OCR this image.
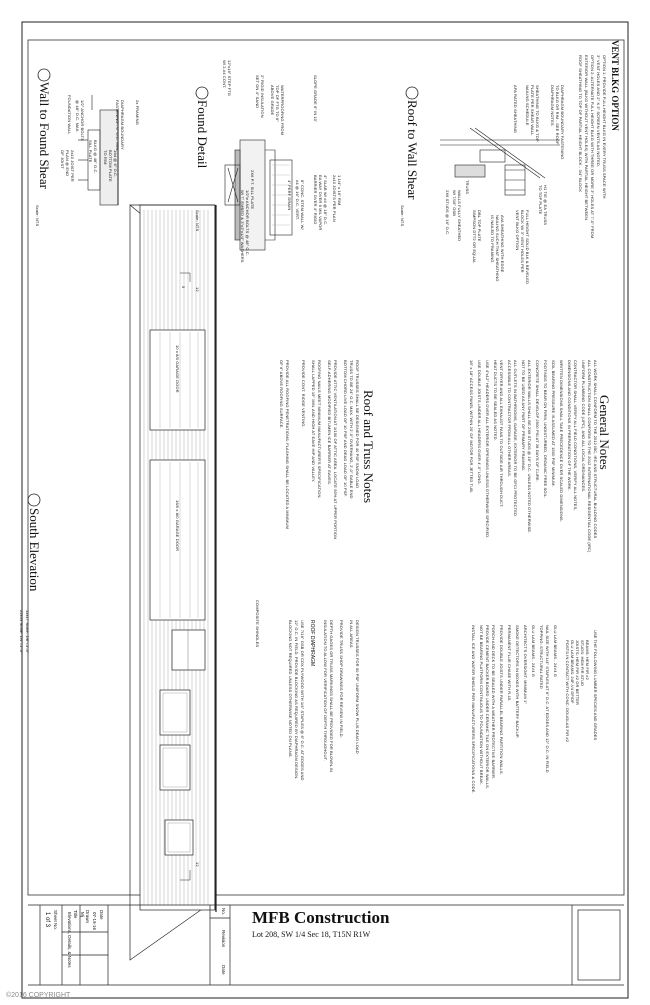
VENT BLKG OPTION
OPTION 1: PROVIDE FULL HEIGHT BLKG IN EVERY TRUSS SPACE WITH
3" VENT HOLES AND 2" X 3" SCREEN VENTS AS NOTED.
OPTION 2: ALTERNATE FULL HEIGHT BLKG WITH THREE OR MORE 3" HOLES AT 7'-0" FROM
EXTERIOR WALL (BLKG WITHOUT VENT HOLES) WITH PARTIAL HEIGHT BETWEEN
ROOF SHEATHING TO TOP OF PARTIAL HEIGHT BLOCK - 3/4" BLOCK
DIAPHRAGM BOUNDARY FASTENING
TO BLKG OR RIM - SEE ROOF
DIAPHRAGM NOTES
SHEATHING TO BLKG & TOP
PLATE PER SHEAR WALL
NAILING SCHEDULE
APA RATED SHEATHING
TRUSS	H1 TIE @ EA TRUSS
TO TOP PLATE
FULL HEIGHT SOLID BLK & BEVELED
BLOCK W/ 3" VENT HOLES PER
VENT BLKG OPTION
AVA SHEATHING WITH EDGE
NAILING SUCH THAT SHEATHING
IS NAILED TO FRAMING
DBL TOP PLATE
SIMPSON DTT2 OR EQUAL
WALLS FULLY SHEATHED
W/ 7/16" OSB
2X6 STUDS @ 16" O.C.
Roof to Wall Shear
Scale: NTS
SLOPE GRADE 6" IN 10'
12"x16" STEP FTG
W/ 2-#4 CONT.
2" RIGID INSULATION
SET ON 4" SAND	WATERPROOFING FROM
TOP OF FTG TO 6"
ABOVE GRADE
2X6 P.T. SILL PLATE
1/2"ø ANCHOR BOLTS @ 48" O.C.
W/ 7" EMBED & 3"x3"x1/4" WASHERS	4" SLAB W/ #4 @ 18" O.C.
EA WAY OVER 6 MIL VAPOR
BARRIER OVER 4" RIGID
8" CONC. STEM WALL W/
#4 @ 16" O.C. VERT.
4" PERF DRAIN	1 1/4" x 16" RIM
2x10 JOISTS PER PLAN
Found Detail
Scale: NTS
2x FRAMING
DIAPHRAGM BOUNDARY
FASTENING - 6" O.C. MIN.
16d @ 6" O.C.
BOTTOM PLATE
TO RIM
1/2" ANCHOR BOLTS
@ 48" O.C. MAX.
BLKG @ 48" O.C.
SILL PLATE
FOUNDATION WALL
2x10 JOIST PER
PLAN @ END
OF JOIST
Wall to Found Shear
Scale: NTS
General Notes
ALL WORK SHALL CONFORM TO THE 2012 IBC, IRC AND STRUCTURAL BUILDING CODES
ALL CONSTRUCTION SHALL CONFORM TO THE 2012 INTERNATIONAL RESIDENTIAL CODE (IRC)
UNIFORM PLUMBING CODE (UPC), AND ALL LOCAL ORDINANCES.
CONTRACTOR SHALL VERIFY ALL FIELD CONDITIONS, VERIFY ALL NOTES,
DIMENSIONS AND CONDITIONS IN PREPARATION OF THE WORK.
WRITTEN DIMENSIONS SHALL TAKE PRECEDENCE OVER SCALED DIMENSIONS.
SOIL BEARING PRESSURE IS ASSUMED AT 1500 PSF MINIMUM.
FOOTINGS TO BEAR ON FIRM, UNDISTURBED, ORGANIC FREE SOIL.
CONCRETE SHALL DEVELOP 2500 PSI AT 28 DAYS OF CURE.
ALL EXTERIOR WALLS SHALL BE 2X6 STUDS @ 16" O.C. UNLESS NOTED OTHERWISE.
NOT TO BE USED AS ANY PART OF PRIMARY FRAMING.
ALL OUTLETS IN BATHROOMS, GARAGE, EXTERIOR TO BE GFCI PROTECTED.
ACCESSIBLE TO CONTRACTOR FROM ALL OTHER AREAS.
VENT DRYER AND ALL EXHAUST FANS TO OUTSIDE AIR THROUGH DUCT.
HEAT DUCTS TO BE SEALED AS NOTED.
USE 4"x12" HEADERS OVER ALL EXTERIOR OPENINGS UNLESS OTHERWISE SPECIFIED.
USE DOUBLE JOISTS UNDER ALL HEADERS OVER 4'-0" LONG.
18" x 18" ACCESS PANEL WITHIN 20' OF MOTOR FOR JETTED TUB.
USE THE FOLLOWING LUMBER SPECIES AND GRADES
BEAMS: HEM FIR #2
STUDS: HEM FIR STUD
JOISTS: HEM FIR #2 OR BETTER
GLU LAM BEAMS: 24F-V4 DF/DF
POSTS IN CONTACT WITH CONC: DOUGLAS FIR #2
GLU LAM BEAMS - 24V4 G
NAIL SIZE WITH 1/4" STAPLES AT 6" O.C. AT EDGES AND 12" O.C. IN FIELD
TOPPING: STRUCTURAL RATED
GLU LAM BEAMS - 24V4 G
ARCHITECT'S OVERSIGHT: MINIMUM 1"
SMOKE DETECTORS IN BOXES WITH BATTERY BACKUP.
PERMANENT FLUE CHASE WITH R-19.
PROVIDE DOUBLE JOISTS UNDER PARALLEL BEARING PARTITION WALLS.
PORCH AND DECK TO BE SEALED WITH A WEATHER PROTECTIVE BARRIER.
PROVIDE CEMENT BACKER BOARD UNDER CERAMIC TILE ON EXTERIOR WALLS.
NOT BE BEARING PLATFORM CONTINUOUS TO FOUNDATION WITHOUT BREAK.
INSTALL ICE AND WATER SHIELD PER MANUFACTURERS SPECIFICATIONS & CODE.
Roof and Truss Notes
ROOF TRUSSES SHALL BE DESIGNED FOR 40 PSF SNOW LOAD
TRUSS TO BE 24" O.C. MAX. WITH 2'-0" OVERHANG, 2'-0" GABLE END
BOTTOM CHORD LIVE LOAD OF 10 PSF AND DEAD LOAD OF 10 PSF.
PROVIDE ATTIC VENTILATION AT 1/150 OF ATTIC AREA. LOCATE 50% AT UPPER PORTION
SELF-ADHERING MODIFIED BITUMEN ICE BARRIER AT EAVES.
ROOFING NAILS MEET MINIMUM MANUFACTURER'S SPECIFICATION.
SHALL LAPPED 19" MIN. AND HIGH AT EAVE HIP AND VALLEY.
PROVIDE CONT. RIDGE VENTING.
PROVIDE ALL ROOFING PENETRATIONS: FLASHING SHALL BE LOCATED A MINIMUM
OF 6" ABOVE ROOFING SURFACE.
DESIGN TRUSSES FOR 50 PSF UNIFORM SNOW PLUS DEAD LOAD
IN ALL AREAS.
PROVIDE TRUSS SHOP DRAWINGS FOR REVIEW IN FIELD.
DEPTH GAGES OR TRUSS MARKINGS SHALL BE PROVIDED FOR BLOWN-IN
INSULATION TO ALLOW FOR VERIFICATION OF DEPTH THROUGHOUT.
ROOF DIAPHRAGM
USE 7/16" OSB OR CDX PLYWOOD WITH 1/4" STAPLES @ 6" O.C. AT EDGES AND
12" O.C. IN FIELD. PROVIDE BLOCKING AS REQUIRED BY DIAPHRAGM DESIGN.
BLOCKING NOT REQUIRED UNLESS OTHERWISE NOTED ON PLANS.
COMPOSITE SHINGLES
10 x 8/0 GARAGE DOOR
16/0 x 8/0 GARAGE DOOR
12
12
5
South Elevation
11x17 Scale: 1/8"=1'-0"
22x34 Scale: 1/4"=1'-0"
MFB Construction
Lot 208, SW 1/4 Sec 18, T15N R1W
No.
Revision
Date
Sheet No.
1 of 3	Date
07-19-16
Drawn
Mj
Title
Elevations, Details, & Notes
©2016 COPYRIGHT
